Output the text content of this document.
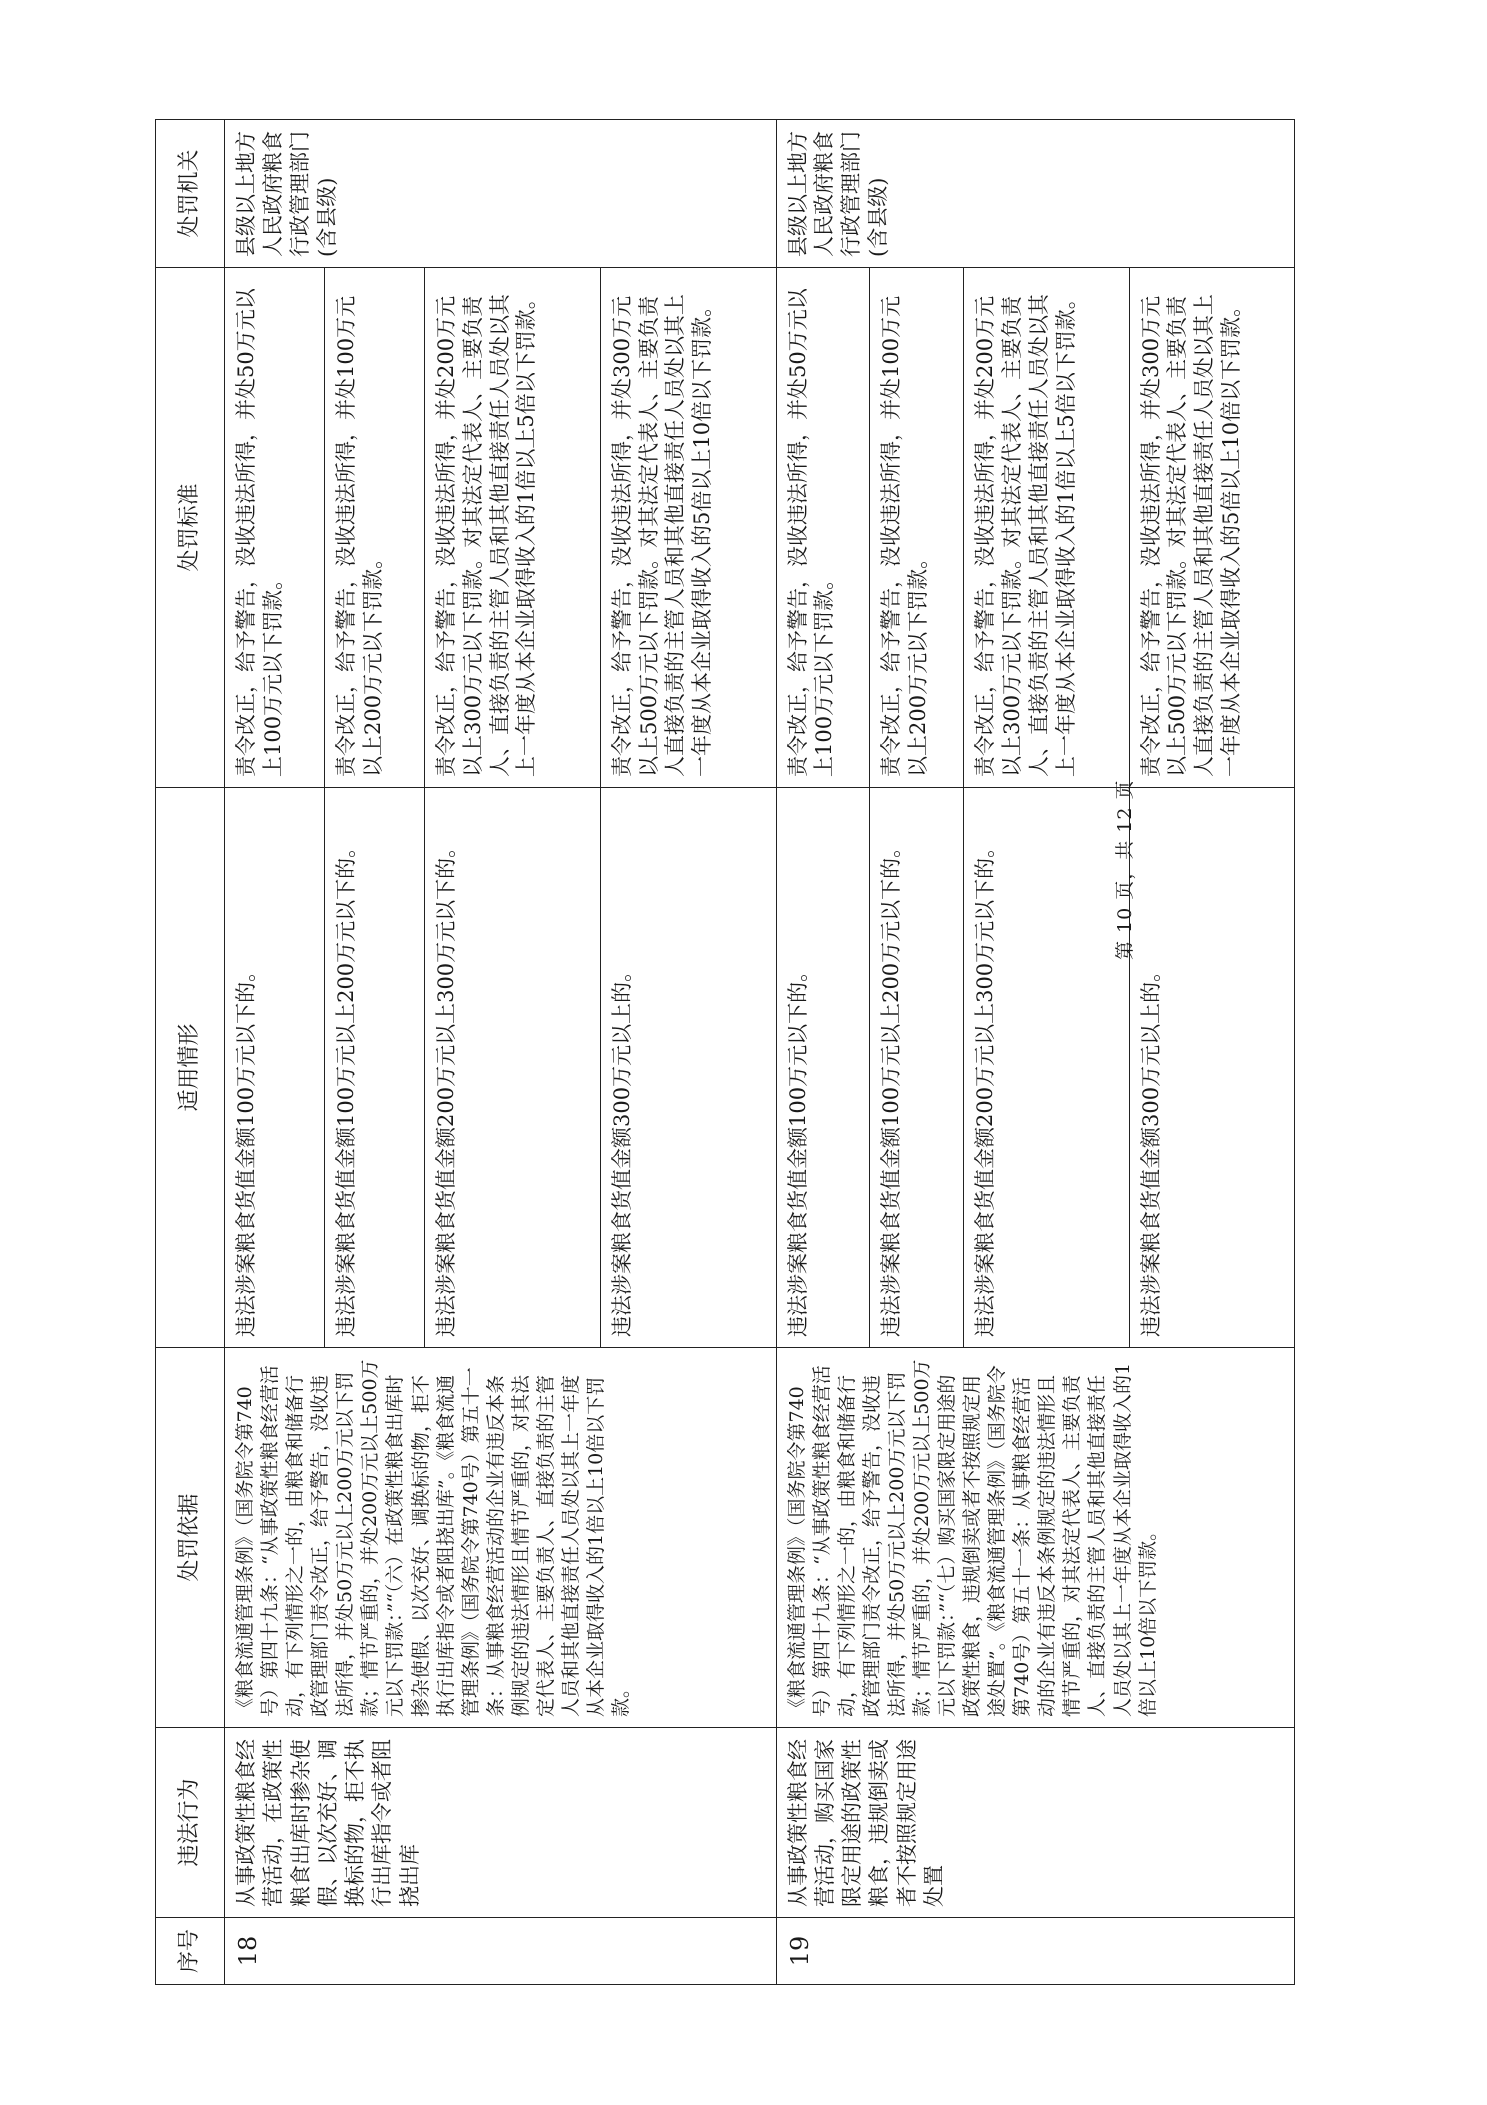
序号	违法行为	处罚依据	适用情形	处罚标准	处罚机关
18	从事政策性粮食经营活动，在政策性粮食出库时掺杂使假、以次充好、调换标的物，拒不执行出库指令或者阻挠出库	《粮食流通管理条例》（国务院令第740号）第四十九条：“从事政策性粮食经营活动，有下列情形之一的，由粮食和储备行政管理部门责令改正，给予警告，没收违法所得，并处50万元以上200万元以下罚款；情节严重的，并处200万元以上500万元以下罚款：”“（六）在政策性粮食出库时掺杂使假、以次充好、调换标的物，拒不执行出库指令或者阻挠出库”。《粮食流通管理条例》（国务院令第740号）第五十一条：从事粮食经营活动的企业有违反本条例规定的违法情形且情节严重的，对其法定代表人、主要负责人、直接负责的主管人员和其他直接责任人员处以其上一年度从本企业取得收入的1倍以上10倍以下罚款。	违法涉案粮食货值金额100万元以下的。	责令改正，给予警告，没收违法所得，并处50万元以上100万元以下罚款。	县级以上地方人民政府粮食行政管理部门(含县级)
			违法涉案粮食货值金额100万元以上200万元以下的。	责令改正，给予警告，没收违法所得，并处100万元以上200万元以下罚款。	
			违法涉案粮食货值金额200万元以上300万元以下的。	责令改正，给予警告，没收违法所得，并处200万元以上300万元以下罚款。对其法定代表人、主要负责人、直接负责的主管人员和其他直接责任人员处以其上一年度从本企业取得收入的1倍以上5倍以下罚款。	
			违法涉案粮食货值金额300万元以上的。	责令改正，给予警告，没收违法所得，并处300万元以上500万元以下罚款。对其法定代表人、主要负责人直接负责的主管人员和其他直接责任人员处以其上一年度从本企业取得收入的5倍以上10倍以下罚款。	
19	从事政策性粮食经营活动，购买国家限定用途的政策性粮食，违规倒卖或者不按照规定用途处置	《粮食流通管理条例》（国务院令第740号）第四十九条：“从事政策性粮食经营活动，有下列情形之一的，由粮食和储备行政管理部门责令改正，给予警告，没收违法所得，并处50万元以上200万元以下罚款；情节严重的，并处200万元以上500万元以下罚款：”“（七）购买国家限定用途的政策性粮食，违规倒卖或者不按照规定用途处置”。《粮食流通管理条例》（国务院令第740号）第五十一条：从事粮食经营活动的企业有违反本条例规定的违法情形且情节严重的，对其法定代表人、主要负责人、直接负责的主管人员和其他直接责任人员处以其上一年度从本企业取得收入的1倍以上10倍以下罚款。	违法涉案粮食货值金额100万元以下的。	责令改正，给予警告，没收违法所得，并处50万元以上100万元以下罚款。	县级以上地方人民政府粮食行政管理部门(含县级)
			违法涉案粮食货值金额100万元以上200万元以下的。	责令改正，给予警告，没收违法所得，并处100万元以上200万元以下罚款。	
			违法涉案粮食货值金额200万元以上300万元以下的。	责令改正，给予警告，没收违法所得，并处200万元以上300万元以下罚款。对其法定代表人、主要负责人、直接负责的主管人员和其他直接责任人员处以其上一年度从本企业取得收入的1倍以上5倍以下罚款。	
			违法涉案粮食货值金额300万元以上的。	责令改正，给予警告，没收违法所得，并处300万元以上500万元以下罚款。对其法定代表人、主要负责人直接负责的主管人员和其他直接责任人员处以其上一年度从本企业取得收入的5倍以上10倍以下罚款。	
第 10 页，共 12 页
